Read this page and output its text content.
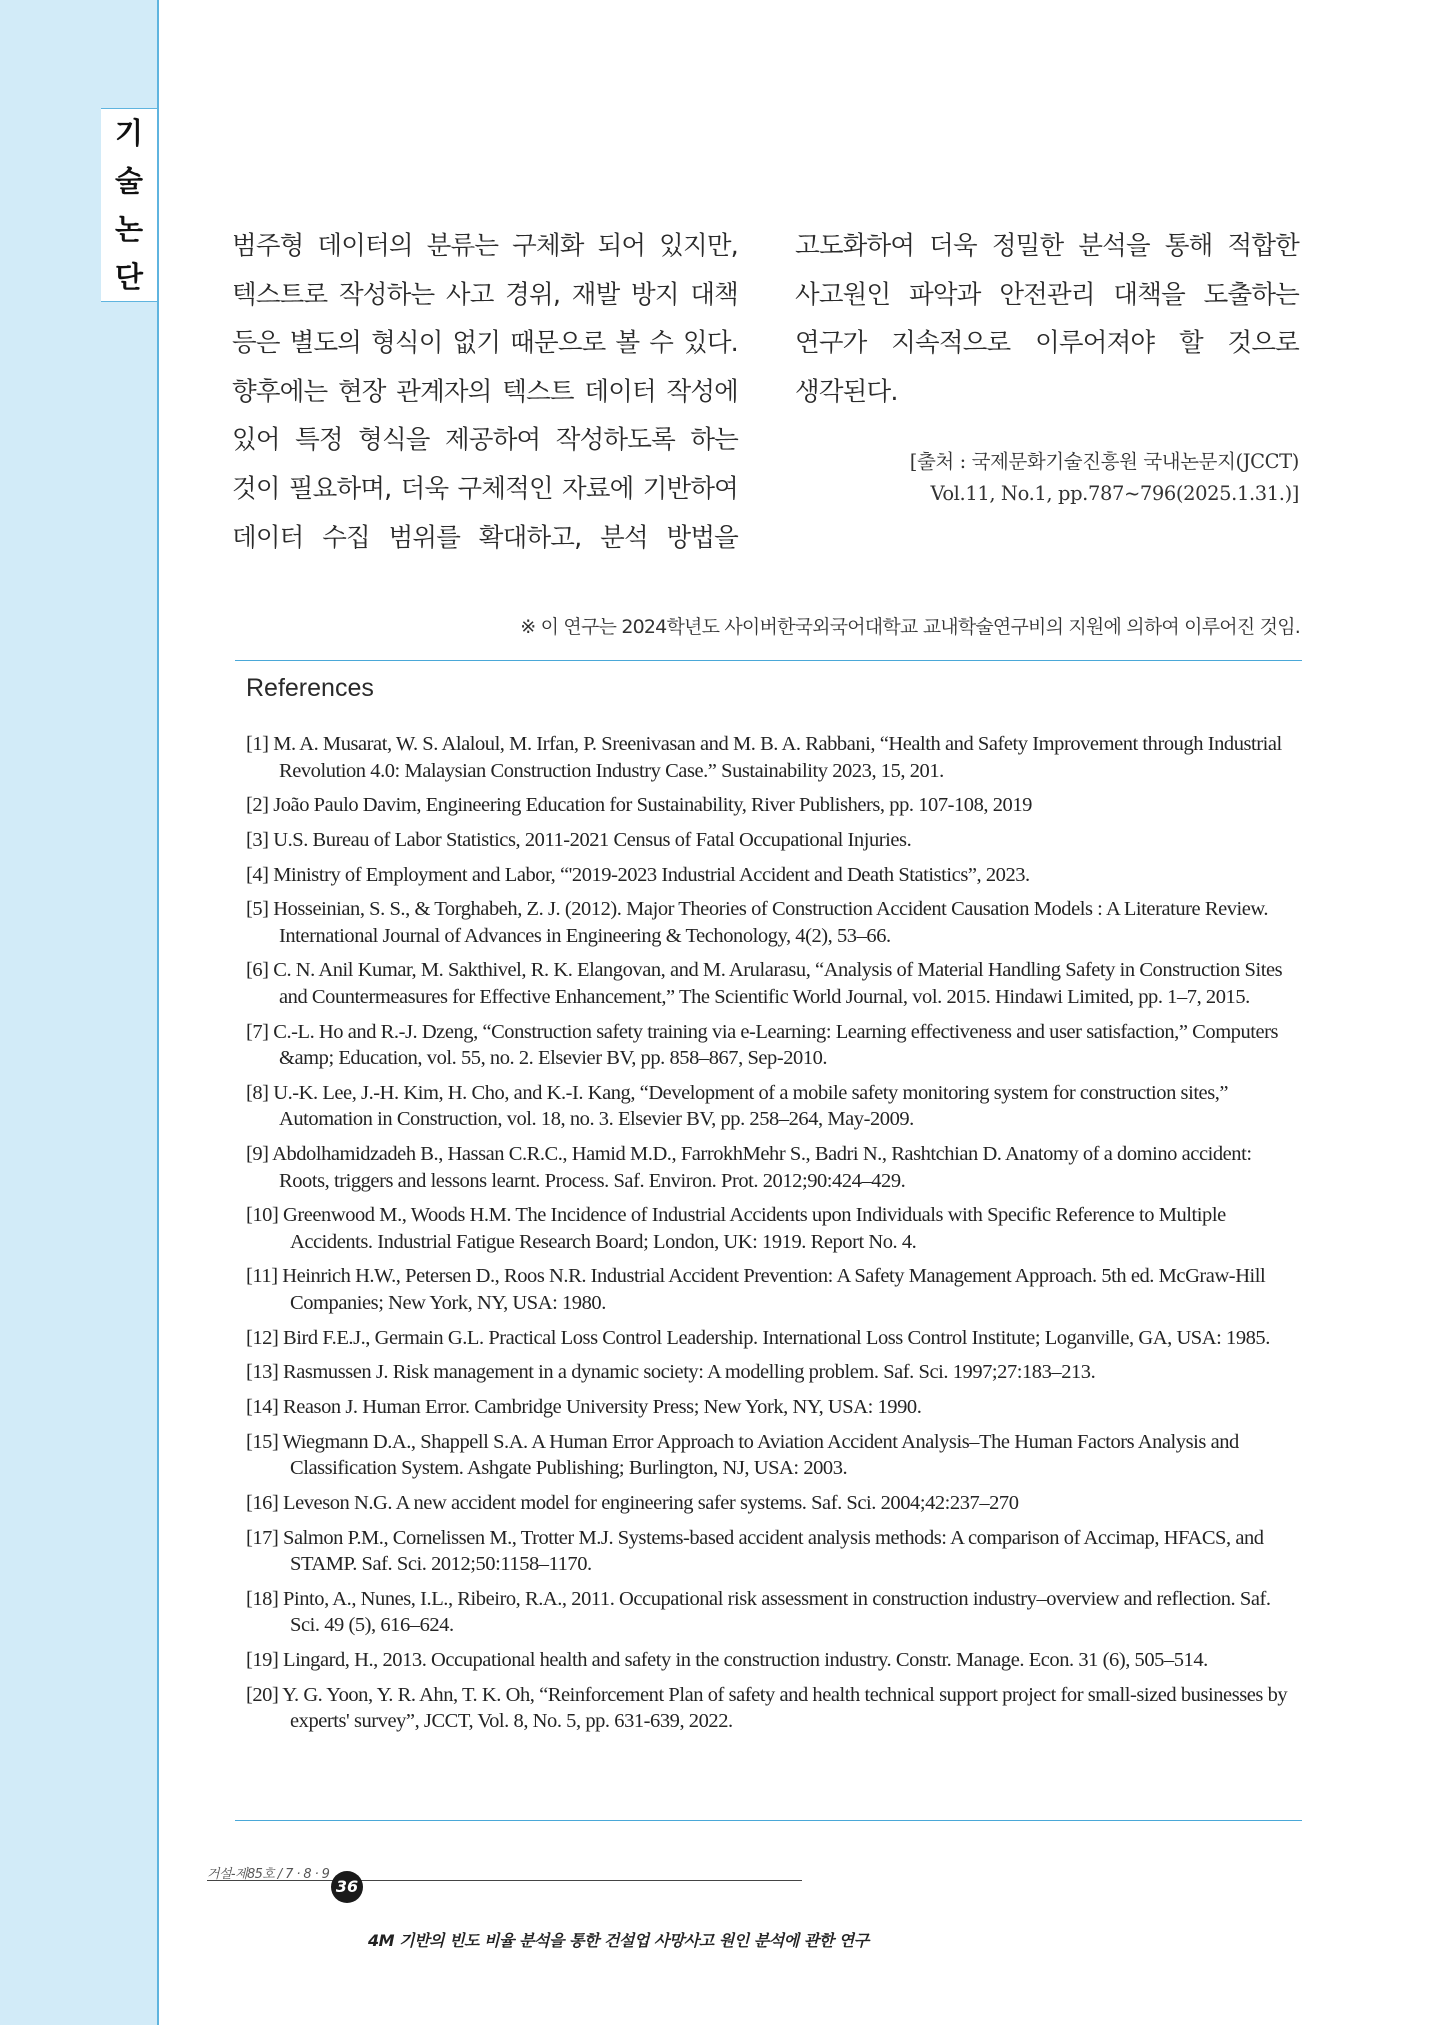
기
술
논
단
범주형 데이터의 분류는 구체화 되어 있지만,
텍스트로 작성하는 사고 경위, 재발 방지 대책
등은 별도의 형식이 없기 때문으로 볼 수 있다.
향후에는 현장 관계자의 텍스트 데이터 작성에
있어 특정 형식을 제공하여 작성하도록 하는
것이 필요하며, 더욱 구체적인 자료에 기반하여
데이터 수집 범위를 확대하고, 분석 방법을
고도화하여 더욱 정밀한 분석을 통해 적합한
사고원인 파악과 안전관리 대책을 도출하는
연구가 지속적으로 이루어져야 할 것으로
생각된다.
[출처 : 국제문화기술진흥원 국내논문지(JCCT)
Vol.11, No.1, pp.787~796(2025.1.31.)]
※ 이 연구는 2024학년도 사이버한국외국어대학교 교내학술연구비의 지원에 의하여 이루어진 것임.
References
[1] M. A. Musarat, W. S. Alaloul, M. Irfan, P. Sreenivasan and M. B. A. Rabbani, “Health and Safety Improvement through Industrial Revolution 4.0: Malaysian Construction Industry Case.” Sustainability 2023, 15, 201.
[2] João Paulo Davim, Engineering Education for Sustainability, River Publishers, pp. 107-108, 2019
[3] U.S. Bureau of Labor Statistics, 2011-2021 Census of Fatal Occupational Injuries.
[4] Ministry of Employment and Labor, “'2019-2023 Industrial Accident and Death Statistics”, 2023.
[5] Hosseinian, S. S., & Torghabeh, Z. J. (2012). Major Theories of Construction Accident Causation Models : A Literature Review. International Journal of Advances in Engineering & Techonology, 4(2), 53–66.
[6] C. N. Anil Kumar, M. Sakthivel, R. K. Elangovan, and M. Arularasu, “Analysis of Material Handling Safety in Construction Sites and Countermeasures for Effective Enhancement,” The Scientific World Journal, vol. 2015. Hindawi Limited, pp. 1–7, 2015.
[7] C.-L. Ho and R.-J. Dzeng, “Construction safety training via e-Learning: Learning effectiveness and user satisfaction,” Computers &amp; Education, vol. 55, no. 2. Elsevier BV, pp. 858–867, Sep-2010.
[8] U.-K. Lee, J.-H. Kim, H. Cho, and K.-I. Kang, “Development of a mobile safety monitoring system for construction sites,” Automation in Construction, vol. 18, no. 3. Elsevier BV, pp. 258–264, May-2009.
[9] Abdolhamidzadeh B., Hassan C.R.C., Hamid M.D., FarrokhMehr S., Badri N., Rashtchian D. Anatomy of a domino accident: Roots, triggers and lessons learnt. Process. Saf. Environ. Prot. 2012;90:424–429.
[10] Greenwood M., Woods H.M. The Incidence of Industrial Accidents upon Individuals with Specific Reference to Multiple Accidents. Industrial Fatigue Research Board; London, UK: 1919. Report No. 4.
[11] Heinrich H.W., Petersen D., Roos N.R. Industrial Accident Prevention: A Safety Management Approach. 5th ed. McGraw-Hill Companies; New York, NY, USA: 1980.
[12] Bird F.E.J., Germain G.L. Practical Loss Control Leadership. International Loss Control Institute; Loganville, GA, USA: 1985.
[13] Rasmussen J. Risk management in a dynamic society: A modelling problem. Saf. Sci. 1997;27:183–213.
[14] Reason J. Human Error. Cambridge University Press; New York, NY, USA: 1990.
[15] Wiegmann D.A., Shappell S.A. A Human Error Approach to Aviation Accident Analysis–The Human Factors Analysis and Classification System. Ashgate Publishing; Burlington, NJ, USA: 2003.
[16] Leveson N.G. A new accident model for engineering safer systems. Saf. Sci. 2004;42:237–270
[17] Salmon P.M., Cornelissen M., Trotter M.J. Systems-based accident analysis methods: A comparison of Accimap, HFACS, and STAMP. Saf. Sci. 2012;50:1158–1170.
[18] Pinto, A., Nunes, I.L., Ribeiro, R.A., 2011. Occupational risk assessment in construction industry–overview and reflection. Saf. Sci. 49 (5), 616–624.
[19] Lingard, H., 2013. Occupational health and safety in the construction industry. Constr. Manage. Econ. 31 (6), 505–514.
[20] Y. G. Yoon, Y. R. Ahn, T. K. Oh, “Reinforcement Plan of safety and health technical support project for small-sized businesses by experts' survey”, JCCT, Vol. 8, No. 5, pp. 631-639, 2022.
거설-제85호 / 7 · 8 · 9
36
4M 기반의 빈도 비율 분석을 통한 건설업 사망사고 원인 분석에 관한 연구
